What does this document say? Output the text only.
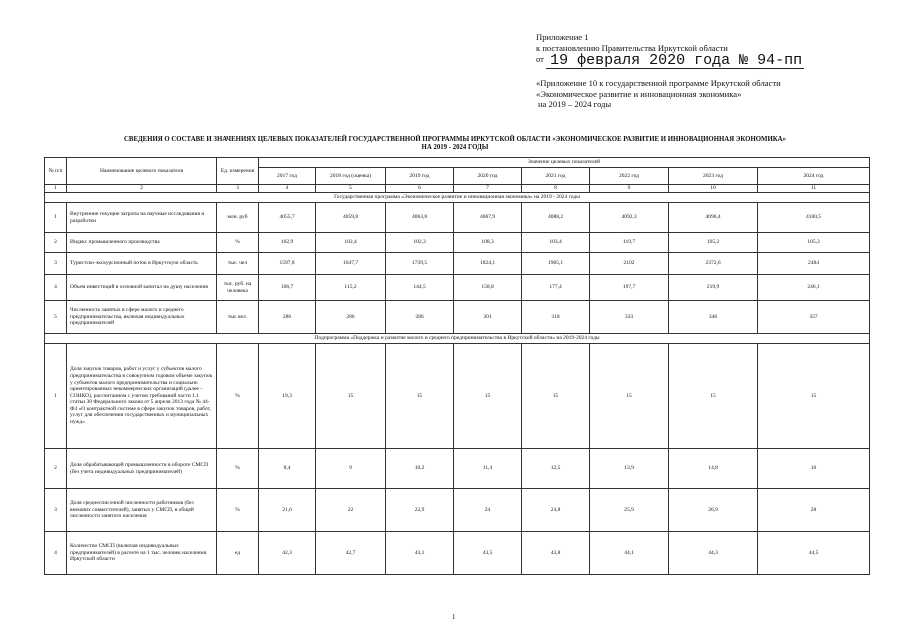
Приложение 1
к постановлению Правительства Иркутской области
от 19 февраля 2020 года № 94-пп
«Приложение 10 к государственной программе Иркутской области
«Экономическое развитие и инновационная экономика»
на 2019 – 2024 годы
СВЕДЕНИЯ О СОСТАВЕ И ЗНАЧЕНИЯХ ЦЕЛЕВЫХ ПОКАЗАТЕЛЕЙ ГОСУДАРСТВЕННОЙ ПРОГРАММЫ ИРКУТСКОЙ ОБЛАСТИ «ЭКОНОМИЧЕСКОЕ РАЗВИТИЕ И ИННОВАЦИОННАЯ ЭКОНОМИКА»
НА 2019 - 2024 ГОДЫ
№ п/п	Наименование целевого показателя	Ед. измерения	Значение целевых показателей							
			2017 год	2018 год (оценка)	2019 год	2020 год	2021 год	2022 год	2023 год	2024 год
1	2	3	4	5	6	7	8	9	10	11
Государственная программа «Экономическое развитие и инновационная экономика» на 2019 - 2024 годы										
1	Внутренние текущие затраты на научные исследования и разработки	млн. руб	4055,7	4059,8	4063,8	4067,9	4088,2	4092,3	4096,4	4100,5
2	Индекс промышленного производства	%	102,9	102,4	102,3	108,3	103,4	119,7	105,2	105,3
3	Туристско-экскурсионный поток в Иркутскую область	тыс. чел	1597,8	1647,7	1739,5	1824,1	1905,1	2102	2372,6	2484
4	Объем инвестиций в основной капитал на душу населения	тыс. руб. на человека	106,7	115,2	144,5	158,8	177,4	197,7	219,9	246,1
5	Численность занятых в сфере малого и среднего предпринимательства, включая индивидуальных предпринимателей	тыс.чел.	286	286	286	301	318	333	346	357
Подпрограмма «Поддержка и развитие малого и среднего предпринимательства в Иркутской области» на 2019-2024 годы										
1	Доля закупок товаров, работ и услуг у субъектов малого предпринимательства в совокупном годовом объеме закупок у субъектов малого предпринимательства и социально ориентированных некоммерческих организаций (далее - СОНКО), рассчитанном с учетом требований части 1.1 статьи 30 Федерального закона от 5 апреля 2013 года № 44-ФЗ «О контрактной системе в сфере закупок товаров, работ, услуг для обеспечения государственных и муниципальных нужд»	%	19,3	15	15	15	15	15	15	15
2	Доля обрабатывающей промышленности в обороте СМСП (без учета индивидуальных предпринимателей)	%	8,4	9	10,2	11,4	12,5	13,9	14,8	16
3	Доля среднесписочной численности работников (без внешних совместителей), занятых у СМСП, в общей численности занятого населения	%	21,6	22	22,9	24	24,8	25,9	26,9	28
4	Количество СМСП (включая индивидуальных предпринимателей) в расчете на 1 тыс. человек населения Иркутской области	ед	42,3	42,7	43,1	43,5	43,8	44,1	44,3	44,5
1
